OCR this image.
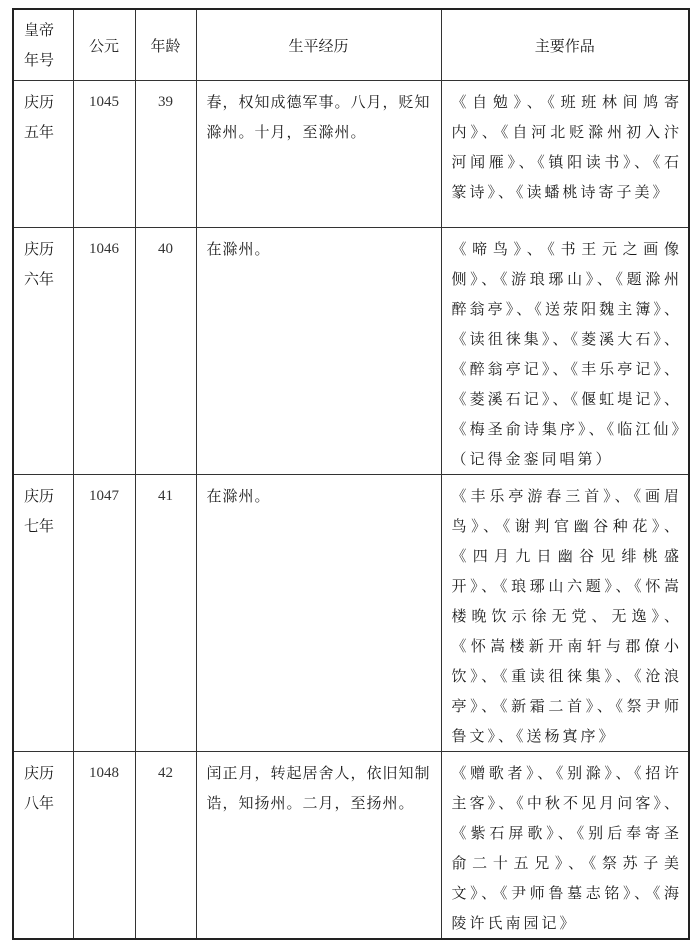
皇帝
年号	公元	年龄	生平经历	主要作品

庆历
五年	1045	39	春，权知成德军事。八月，贬知滁州。十月，至滁州。	《自勉》、《班班林间鸠寄内》、《自河北贬滁州初入汴河闻雁》、《镇阳读书》、《石篆诗》、《读蟠桃诗寄子美》

庆历
六年	1046	40	在滁州。	《啼鸟》、《书王元之画像侧》、《游琅琊山》、《题滁州醉翁亭》、《送荥阳魏主簿》、《读徂徕集》、《菱溪大石》、《醉翁亭记》、《丰乐亭记》、《菱溪石记》、《偃虹堤记》、《梅圣俞诗集序》、《临江仙》（记得金銮同唱第）

庆历
七年	1047	41	在滁州。	《丰乐亭游春三首》、《画眉鸟》、《谢判官幽谷种花》、《四月九日幽谷见绯桃盛开》、《琅琊山六题》、《怀嵩楼晚饮示徐无党、无逸》、《怀嵩楼新开南轩与郡僚小饮》、《重读徂徕集》、《沧浪亭》、《新霜二首》、《祭尹师鲁文》、《送杨寘序》

庆历
八年	1048	42	闰正月，转起居舍人，依旧知制诰，知扬州。二月，至扬州。	《赠歌者》、《别滁》、《招许主客》、《中秋不见月问客》、《紫石屏歌》、《别后奉寄圣俞二十五兄》、《祭苏子美文》、《尹师鲁墓志铭》、《海陵许氏南园记》
